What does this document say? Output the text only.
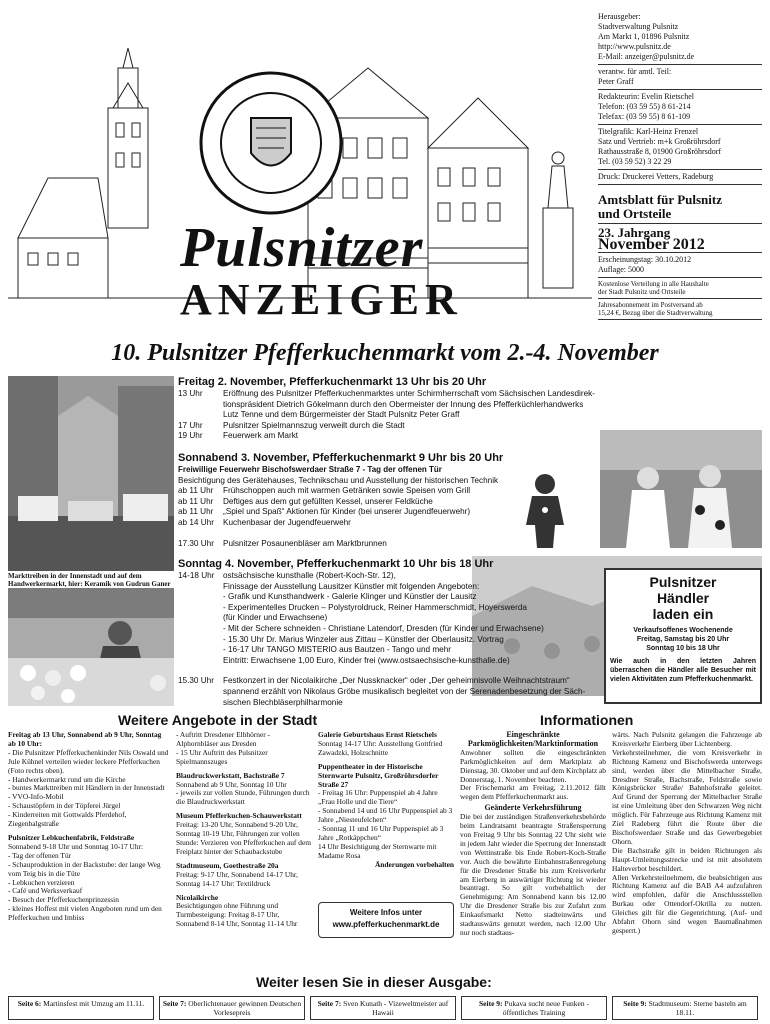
Pulsnitzer
ANZEIGER
Herausgeber:
Stadtverwaltung Pulsnitz
Am Markt 1, 01896 Pulsnitz
http://www.pulsnitz.de
E-Mail: anzeiger@pulsnitz.de
verantw. für amtl. Teil:
Peter Graff
Redakteurin: Evelin Rietschel
Telefon: (03 59 55) 8 61-214
Telefax: (03 59 55) 8 61-109
Titelgrafik: Karl-Heinz Frenzel
Satz und Vertrieb: m+k Großröhrsdorf
Rathausstraße 8, 01900 Großröhrsdorf
Tel. (03 59 52) 3 22 29
Druck: Druckerei Vetters, Radeburg
Amtsblatt für Pulsnitz
und Ortsteile
23. Jahrgang
November 2012
Erscheinungstag: 30.10.2012
Auflage: 5000
Kostenlose Verteilung in alle Haushalte
der Stadt Pulsnitz und Ortsteile
Jahresabonnement im Postversand ab
15,24 €, Bezug über die Stadtverwaltung
10. Pulsnitzer Pfefferkuchenmarkt vom 2.-4. November
Markttreiben in der Innenstadt und auf dem Handwerkermarkt, hier: Keramik von Gudrun Ganer
Freitag 2. November, Pfefferkuchenmarkt 13 Uhr bis 20 Uhr
13 Uhr Eröffnung des Pulsnitzer Pfefferkuchenmarktes unter Schirmherrschaft vom Sächsischen Landesdirek-
tionspräsident Dietrich Gökelmann durch den Obermeister der Innung des Pfefferküchlerhandwerks
Lutz Tenne und dem Bürgermeister der Stadt Pulsnitz Peter Graff
17 Uhr Pulsnitzer Spielmannszug verweilt durch die Stadt
19 Uhr Feuerwerk am Markt
Sonnabend 3. November, Pfefferkuchenmarkt 9 Uhr bis 20 Uhr
Freiwillige Feuerwehr Bischofswerdaer Straße 7 - Tag der offenen Tür
Besichtigung des Gerätehauses, Technikschau und Ausstellung der historischen Technik
ab 11 Uhr Frühschoppen auch mit warmen Getränken sowie Speisen vom Grill
ab 11 Uhr Deftiges aus dem gut gefüllten Kessel, unserer Feldküche
ab 11 Uhr „Spiel und Spaß“ Aktionen für Kinder (bei unserer Jugendfeuerwehr)
ab 14 Uhr Kuchenbasar der Jugendfeuerwehr
17.30 Uhr Pulsnitzer Posaunenbläser am Marktbrunnen
Sonntag 4. November, Pfefferkuchenmarkt 10 Uhr bis 18 Uhr
14-18 Uhr ostsächsische kunsthalle (Robert-Koch-Str. 12),
Finissage der Ausstellung Lausitzer Künstler mit folgenden Angeboten:
- Grafik und Kunsthandwerk - Galerie Klinger und Künstler der Lausitz
- Experimentelles Drucken – Polystyroldruck, Reiner Hammerschmidt, Hoyerswerda
(für Kinder und Erwachsene)
- Mit der Schere schneiden - Christiane Latendorf, Dresden (für Kinder und Erwachsene)
- 15.30 Uhr Dr. Marius Winzeler aus Zittau – Künstler der Oberlausitz. Vortrag
- 16-17 Uhr TANGO MISTERIO aus Bautzen - Tango und mehr
Eintritt: Erwachsene 1,00 Euro, Kinder frei (www.ostsaechsische-kunsthalle.de)
15.30 Uhr Festkonzert in der Nicolaikirche „Der Nussknacker“ oder „Der geheimnisvolle Weihnachtstraum“
spannend erzählt von Nikolaus Gröbe musikalisch begleitet von der Serenadenbesetzung der Säch-
sischen Blechbläserphilharmonie
Pulsnitzer
Händler
laden ein
Verkaufsoffenes Wochenende
Freitag, Samstag bis 20 Uhr
Sonntag 10 bis 18 Uhr
Wie auch in den letzten Jahren überraschen die Händler alle Besucher mit vielen Aktivitäten zum Pfefferkuchenmarkt.
Weitere Angebote in der Stadt	Informationen
Freitag ab 13 Uhr, Sonnabend ab 9 Uhr, Sonntag ab 10 Uhr:
- Die Pulsnitzer Pfefferkuchenkinder Nils Oswald und Jule Kühnel verteilen wieder leckere Pfefferkuchen (Foto rechts oben).
- Handwerkermarkt rund um die Kirche
- buntes Markttreiben mit Händlern in der Innenstadt
- VVO-Info-Mobil
- Schaustöpfern in der Töpferei Jürgel
- Kinderreiten mit Gottwalds Pferdehof, Ziegenbalgstraße
Pulsnitzer Lebkuchenfabrik, Feldstraße
Sonnabend 9-18 Uhr und Sonntag 10-17 Uhr:
- Tag der offenen Tür
- Schauproduktion in der Backstube: der lange Weg vom Teig bis in die Tüte
- Lebkuchen verzieren
- Café und Werksverkauf
- Besuch der Pfefferkuchenprinzessin
- kleines Hoffest mit vielen Angeboten rund um den Pfefferkuchen und Imbiss
- Auftritt Dresdener Elbhörner - Alphornbläser aus Dresden
- 15 Uhr Auftritt des Pulsnitzer Spielmannszuges
Blaudruckwerkstatt, Bachstraße 7
Sonnabend ab 9 Uhr, Sonntag 10 Uhr
- jeweils zur vollen Stunde, Führungen durch die Blaudruckwerkstatt
Museum Pfefferkuchen-Schauwerkstatt
Freitag: 13-20 Uhr, Sonnabend 9-20 Uhr, Sonntag 10-19 Uhr, Führungen zur vollen Stunde: Verzieren von Pfefferkuchen auf dem Freiplatz hinter der Schaubackstube
Stadtmuseum, Goethestraße 20a
Freitag: 9-17 Uhr, Sonnabend 14-17 Uhr, Sonntag 14-17 Uhr: Textildruck
Nicolaikirche
Besichtigungen ohne Führung und Turmbesteigung: Freitag 8-17 Uhr, Sonnabend 8-14 Uhr, Sonntag 11-14 Uhr
Galerie Geburtshaus Ernst Rietschels
Sonntag 14-17 Uhr: Ausstellung Gottfried Zawadzki, Holzschnitte
Puppentheater in der Historische Sternwarte Pulsnitz, Großröhrsdorfer Straße 27
- Freitag 16 Uhr: Puppenspiel ab 4 Jahre „Frau Holle und die Tiere“
- Sonnabend 14 und 16 Uhr Puppenspiel ab 3 Jahre „Niesteufelchen“
- Sonntag 11 und 16 Uhr Puppenspiel ab 3 Jahre „Rotkäppchen“
14 Uhr Besichtigung der Sternwarte mit Madame Rosa
Änderungen vorbehalten
Weitere Infos unter
www.pfefferkuchenmarkt.de
Eingeschränkte Parkmöglichkeiten/Marktinformation
Anwohner sollten die eingeschränkten Parkmöglichkeiten auf dem Marktplatz ab Dienstag, 30. Oktober und auf dem Kirchplatz ab Donnerstag, 1. November beachten.
Der Frischemarkt am Freitag, 2.11.2012 fällt wegen dem Pfefferkuchenmarkt aus.
Geänderte Verkehrsführung
Die bei der zuständigen Straßenverkehrsbehörde beim Landratsamt beantragte Straßensperrung von Freitag 9 Uhr bis Sonntag 22 Uhr sieht wie in jedem Jahr wieder die Sperrung der Innenstadt von Wettinstraße bis Ende Robert-Koch-Straße vor. Auch die bewährte Einbahnstraßenregelung für die Dresdener Straße bis zum Kreisverkehr am Eierberg in auswärtiger Richtung ist wieder beantragt. So gilt vorbehaltlich der Genehmigung: Am Sonnabend kann bis 12.00 Uhr die Dresdener Straße bis zur Zufahrt zum Einkaufsmarkt Netto stadteinwärts und stadtauswärts genutzt werden, nach 12.00 Uhr nur noch stadtaus-
wärts. Nach Pulsnitz gelangen die Fahrzeuge ab Kreisverkehr Eierberg über Lichtenberg.
Verkehrsteilnehmer, die vom Kreisverkehr in Richtung Kamenz und Bischofswerda unterwegs sind, werden über die Mittelbacher Straße, Dresdner Straße, Bachstraße, Feldstraße sowie Königsbrücker Straße/ Bahnhofstraße geleitet. Auf Grund der Sperrung der Mittelbacher Straße ist eine Umleitung über den Schwarzen Weg nicht möglich. Für Fahrzeuge aus Richtung Kamenz mit Ziel Radeberg führt die Route über die Bischofswerdaer Straße und das Gewerbegebiet Ohorn.
Die Bachstraße gilt in beiden Richtungen als Haupt-Umleitungsstrecke und ist mit absolutem Halteverbot beschildert.
Allen Verkehrsteilnehmern, die beabsichtigen aus Richtung Kamenz auf die BAB A4 aufzufahren wird empfohlen, dafür die Anschlussstellen Burkau oder Ottendorf-Okrilla zu nutzen. Gleiches gilt für die Gegenrichtung. (Auf- und Abfahrt Ohorn sind wegen Baumaßnahmen gesperrt.)
Weiter lesen Sie in dieser Ausgabe:
Seite 6: Martinsfest mit Umzug am 11.11.	Seite 7: Oberlichtenauer gewinnen Deutschen Vorlesepreis
Seite 7: Sven Kunath - Vizeweltmeister auf Hawaii
Seite 9: Pukava sucht neue Funken - öffentliches Training
Seite 9: Stadtmuseum: Sterne basteln am 18.11.
